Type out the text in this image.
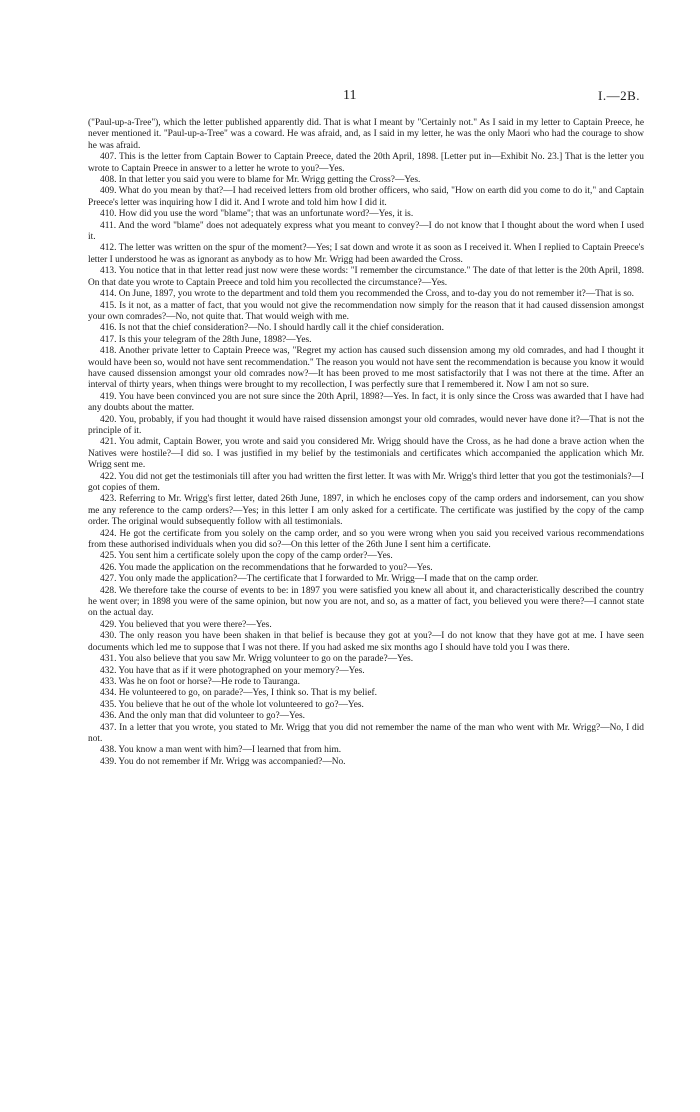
11	I.—2B.

("Paul-up-a-Tree"), which the letter published apparently did. That is what I meant by "Certainly not." As I said in my letter to Captain Preece, he never mentioned it. "Paul-up-a-Tree" was a coward. He was afraid, and, as I said in my letter, he was the only Maori who had the courage to show he was afraid.

407. This is the letter from Captain Bower to Captain Preece, dated the 20th April, 1898. [Letter put in—Exhibit No. 23.] That is the letter you wrote to Captain Preece in answer to a letter he wrote to you?—Yes.

408. In that letter you said you were to blame for Mr. Wrigg getting the Cross?—Yes.

409. What do you mean by that?—I had received letters from old brother officers, who said, "How on earth did you come to do it," and Captain Preece's letter was inquiring how I did it. And I wrote and told him how I did it.

410. How did you use the word "blame"; that was an unfortunate word?—Yes, it is.

411. And the word "blame" does not adequately express what you meant to convey?—I do not know that I thought about the word when I used it.

412. The letter was written on the spur of the moment?—Yes; I sat down and wrote it as soon as I received it. When I replied to Captain Preece's letter I understood he was as ignorant as anybody as to how Mr. Wrigg had been awarded the Cross.

413. You notice that in that letter read just now were these words: "I remember the circumstance." The date of that letter is the 20th April, 1898. On that date you wrote to Captain Preece and told him you recollected the circumstance?—Yes.

414. On June, 1897, you wrote to the department and told them you recommended the Cross, and to-day you do not remember it?—That is so.

415. Is it not, as a matter of fact, that you would not give the recommendation now simply for the reason that it had caused dissension amongst your own comrades?—No, not quite that. That would weigh with me.

416. Is not that the chief consideration?—No. I should hardly call it the chief consideration.

417. Is this your telegram of the 28th June, 1898?—Yes.

418. Another private letter to Captain Preece was, "Regret my action has caused such dissension among my old comrades, and had I thought it would have been so, would not have sent recommendation." The reason you would not have sent the recommendation is because you know it would have caused dissension amongst your old comrades now?—It has been proved to me most satisfactorily that I was not there at the time. After an interval of thirty years, when things were brought to my recollection, I was perfectly sure that I remembered it. Now I am not so sure.

419. You have been convinced you are not sure since the 20th April, 1898?—Yes. In fact, it is only since the Cross was awarded that I have had any doubts about the matter.

420. You, probably, if you had thought it would have raised dissension amongst your old comrades, would never have done it?—That is not the principle of it.

421. You admit, Captain Bower, you wrote and said you considered Mr. Wrigg should have the Cross, as he had done a brave action when the Natives were hostile?—I did so. I was justified in my belief by the testimonials and certificates which accompanied the application which Mr. Wrigg sent me.

422. You did not get the testimonials till after you had written the first letter. It was with Mr. Wrigg's third letter that you got the testimonials?—I got copies of them.

423. Referring to Mr. Wrigg's first letter, dated 26th June, 1897, in which he encloses copy of the camp orders and indorsement, can you show me any reference to the camp orders?—Yes; in this letter I am only asked for a certificate. The certificate was justified by the copy of the camp order. The original would subsequently follow with all testimonials.

424. He got the certificate from you solely on the camp order, and so you were wrong when you said you received various recommendations from these authorised individuals when you did so?—On this letter of the 26th June I sent him a certificate.

425. You sent him a certificate solely upon the copy of the camp order?—Yes.

426. You made the application on the recommendations that he forwarded to you?—Yes.

427. You only made the application?—The certificate that I forwarded to Mr. Wrigg—I made that on the camp order.

428. We therefore take the course of events to be: in 1897 you were satisfied you knew all about it, and characteristically described the country he went over; in 1898 you were of the same opinion, but now you are not, and so, as a matter of fact, you believed you were there?—I cannot state on the actual day.

429. You believed that you were there?—Yes.

430. The only reason you have been shaken in that belief is because they got at you?—I do not know that they have got at me. I have seen documents which led me to suppose that I was not there. If you had asked me six months ago I should have told you I was there.

431. You also believe that you saw Mr. Wrigg volunteer to go on the parade?—Yes.

432. You have that as if it were photographed on your memory?—Yes.

433. Was he on foot or horse?—He rode to Tauranga.

434. He volunteered to go, on parade?—Yes, I think so. That is my belief.

435. You believe that he out of the whole lot volunteered to go?—Yes.

436. And the only man that did volunteer to go?—Yes.

437. In a letter that you wrote, you stated to Mr. Wrigg that you did not remember the name of the man who went with Mr. Wrigg?—No, I did not.

438. You know a man went with him?—I learned that from him.

439. You do not remember if Mr. Wrigg was accompanied?—No.
